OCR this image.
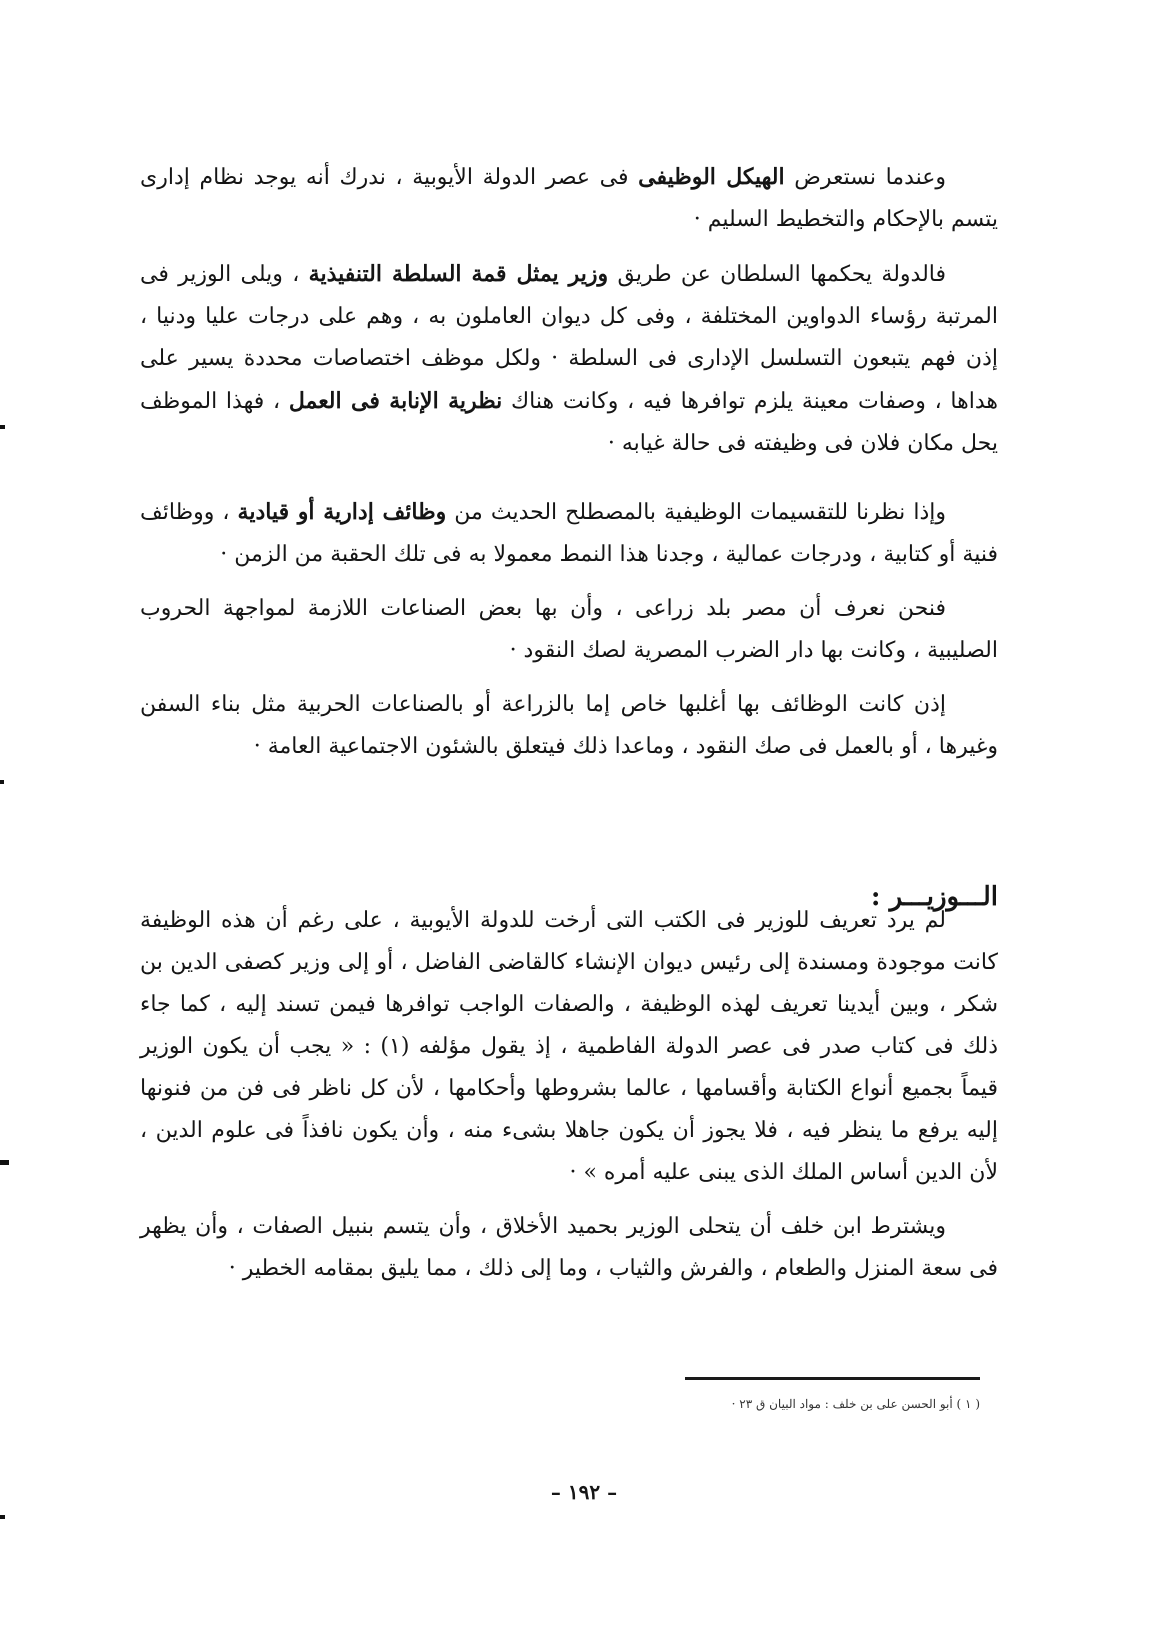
وعندما نستعرض الهيكل الوظيفى فى عصر الدولة الأيوبية ، ندرك أنه يوجد نظام إدارى يتسم بالإحكام والتخطيط السليم ·

فالدولة يحكمها السلطان عن طريق وزير يمثل قمة السلطة التنفيذية ، ويلى الوزير فى المرتبة رؤساء الدواوين المختلفة ، وفى كل ديوان العاملون به ، وهم على درجات عليا ودنيا ، إذن فهم يتبعون التسلسل الإدارى فى السلطة · ولكل موظف اختصاصات محددة يسير على هداها ، وصفات معينة يلزم توافرها فيه ، وكانت هناك نظرية الإنابة فى العمل ، فهذا الموظف يحل مكان فلان فى وظيفته فى حالة غيابه ·

وإذا نظرنا للتقسيمات الوظيفية بالمصطلح الحديث من وظائف إدارية أو قيادية ، ووظائف فنية أو كتابية ، ودرجات عمالية ، وجدنا هذا النمط معمولا به فى تلك الحقبة من الزمن ·

فنحن نعرف أن مصر بلد زراعى ، وأن بها بعض الصناعات اللازمة لمواجهة الحروب الصليبية ، وكانت بها دار الضرب المصرية لصك النقود ·

إذن كانت الوظائف بها أغلبها خاص إما بالزراعة أو بالصناعات الحربية مثل بناء السفن وغيرها ، أو بالعمل فى صك النقود ، وماعدا ذلك فيتعلق بالشئون الاجتماعية العامة ·

الـــوزيـــر :

لم يرد تعريف للوزير فى الكتب التى أرخت للدولة الأيوبية ، على رغم أن هذه الوظيفة كانت موجودة ومسندة إلى رئيس ديوان الإنشاء كالقاضى الفاضل ، أو إلى وزير كصفى الدين بن شكر ، وبين أيدينا تعريف لهذه الوظيفة ، والصفات الواجب توافرها فيمن تسند إليه ، كما جاء ذلك فى كتاب صدر فى عصر الدولة الفاطمية ، إذ يقول مؤلفه (١) : « يجب أن يكون الوزير قيماً بجميع أنواع الكتابة وأقسامها ، عالما بشروطها وأحكامها ، لأن كل ناظر فى فن من فنونها إليه يرفع ما ينظر فيه ، فلا يجوز أن يكون جاهلا بشىء منه ، وأن يكون نافذاً فى علوم الدين ، لأن الدين أساس الملك الذى يبنى عليه أمره » ·

ويشترط ابن خلف أن يتحلى الوزير بحميد الأخلاق ، وأن يتسم بنبيل الصفات ، وأن يظهر فى سعة المنزل والطعام ، والفرش والثياب ، وما إلى ذلك ، مما يليق بمقامه الخطير ·

( ١ ) أبو الحسن على بن خلف : مواد البيان ق ٢٣ ·
– ١٩٢ –
